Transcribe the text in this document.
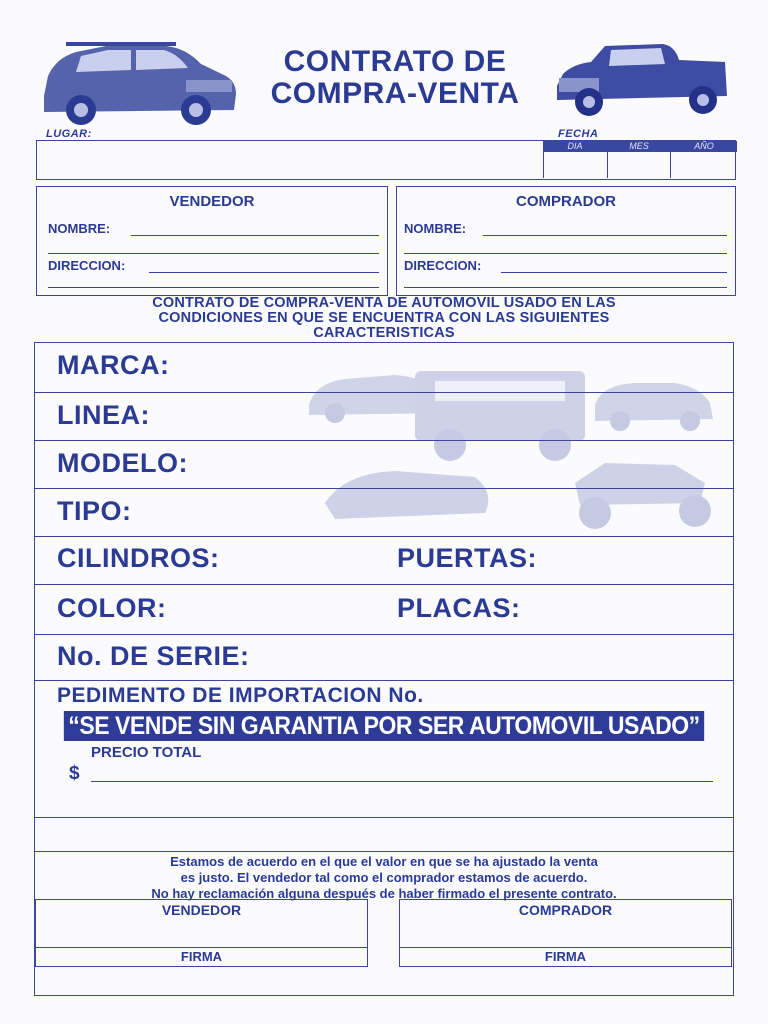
CONTRATO DE
COMPRA-VENTA
LUGAR:	FECHA
DIA	MES	AÑO
VENDEDOR
NOMBRE:
DIRECCION:
COMPRADOR
NOMBRE:
DIRECCION:
CONTRATO DE COMPRA-VENTA DE AUTOMOVIL USADO EN LAS
CONDICIONES EN QUE SE ENCUENTRA CON LAS SIGUIENTES
CARACTERISTICAS
MARCA:
LINEA:
MODELO:
TIPO:
CILINDROS:	PUERTAS:
COLOR:	PLACAS:
No. DE SERIE:
PEDIMENTO DE IMPORTACION No.
PRECIO TOTAL
$
VENDEDOR
FIRMA
COMPRADOR
FIRMA
“SE VENDE SIN GARANTIA POR SER AUTOMOVIL USADO”
Estamos de acuerdo en el que el valor en que se ha ajustado la venta
es justo. El vendedor tal como el comprador estamos de acuerdo.
No hay reclamación alguna después de haber firmado el presente contrato.
